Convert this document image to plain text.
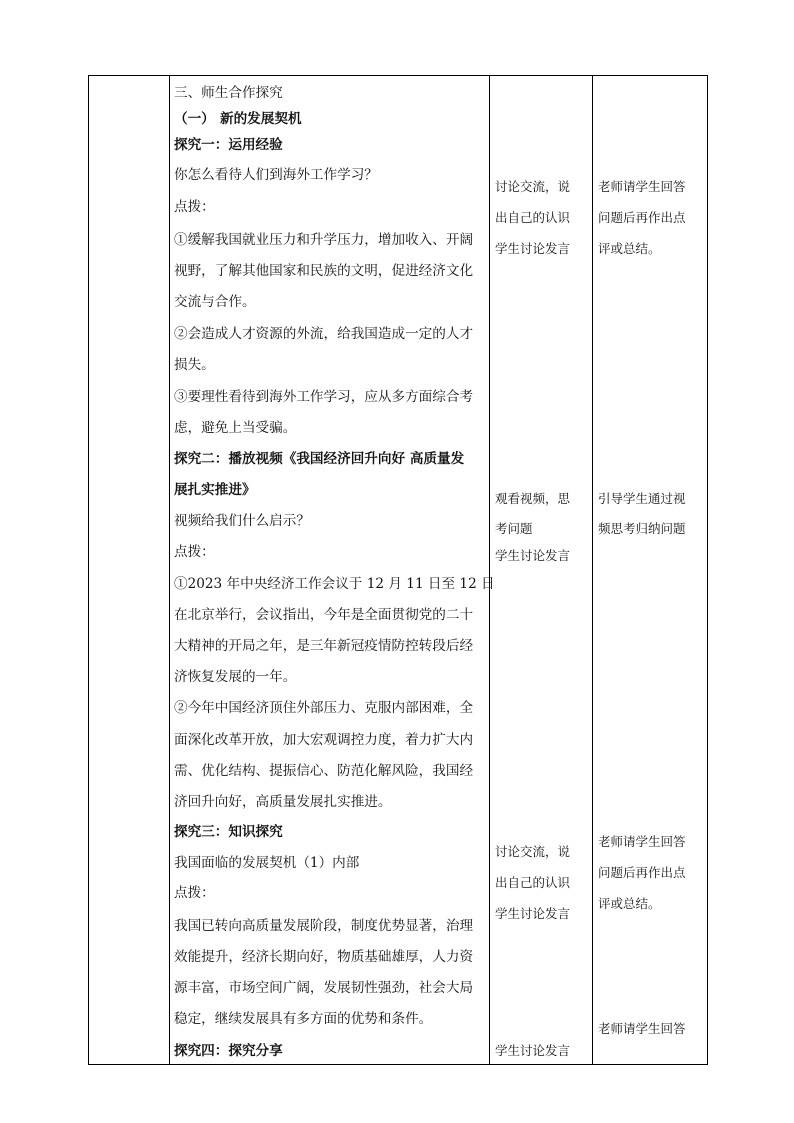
三、师生合作探究
（一） 新的发展契机
探究一：运用经验
你怎么看待人们到海外工作学习？
点拨：
①缓解我国就业压力和升学压力，增加收入、开阔
视野，了解其他国家和民族的文明，促进经济文化
交流与合作。
②会造成人才资源的外流，给我国造成一定的人才
损失。
③要理性看待到海外工作学习，应从多方面综合考
虑，避免上当受骗。
探究二：播放视频《我国经济回升向好 高质量发
展扎实推进》
视频给我们什么启示？
点拨：
①2023 年中央经济工作会议于 12 月 11 日至 12 日
在北京举行，会议指出，今年是全面贯彻党的二十
大精神的开局之年，是三年新冠疫情防控转段后经
济恢复发展的一年。
②今年中国经济顶住外部压力、克服内部困难，全
面深化改革开放，加大宏观调控力度，着力扩大内
需、优化结构、提振信心、防范化解风险，我国经
济回升向好，高质量发展扎实推进。
探究三：知识探究
我国面临的发展契机（1）内部
点拨：
我国已转向高质量发展阶段，制度优势显著，治理
效能提升，经济长期向好，物质基础雄厚，人力资
源丰富，市场空间广阔，发展韧性强劲，社会大局
稳定，继续发展具有多方面的优势和条件。
探究四：探究分享
讨论交流，说
出自己的认识
学生讨论发言
观看视频，思
考问题
学生讨论发言
讨论交流，说
出自己的认识
学生讨论发言
学生讨论发言
老师请学生回答
问题后再作出点
评或总结。
引导学生通过视
频思考归纳问题
老师请学生回答
问题后再作出点
评或总结。
老师请学生回答
